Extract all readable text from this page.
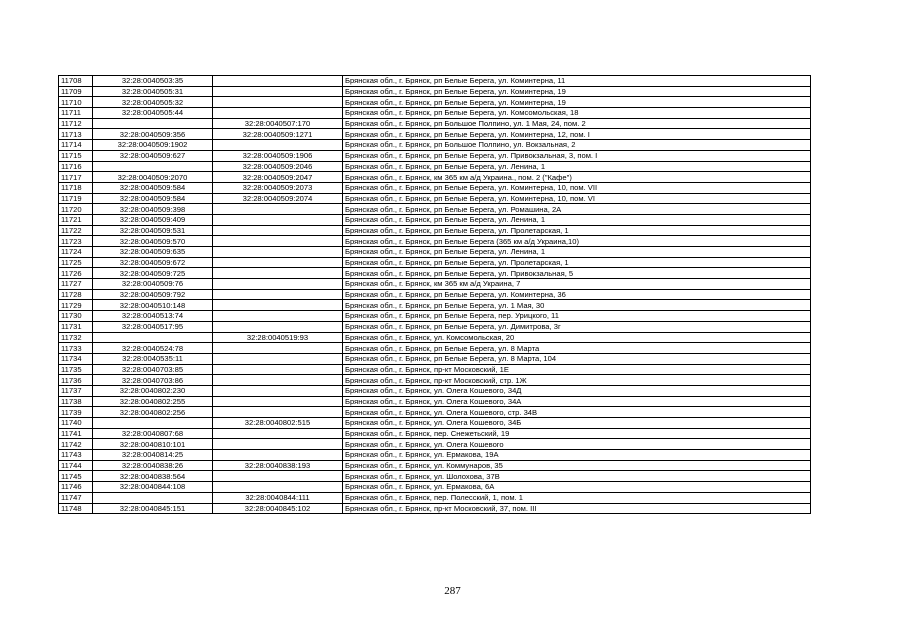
11708	32:28:0040503:35		Брянская обл., г. Брянск, рп Белые Берега, ул. Коминтерна, 11
11709	32:28:0040505:31		Брянская обл., г. Брянск, рп Белые Берега, ул. Коминтерна, 19
11710	32:28:0040505:32		Брянская обл., г. Брянск, рп Белые Берега, ул. Коминтерна, 19
11711	32:28:0040505:44		Брянская обл., г. Брянск, рп Белые Берега, ул. Комсомольская, 18
11712		32:28:0040507:170	Брянская обл., г. Брянск, рп Большое Полпино, ул. 1 Мая, 24, пом. 2
11713	32:28:0040509:356	32:28:0040509:1271	Брянская обл., г. Брянск, рп Белые Берега, ул. Коминтерна, 12, пом. I
11714	32:28:0040509:1902		Брянская обл., г. Брянск, рп Большое Полпино, ул. Вокзальная, 2
11715	32:28:0040509:627	32:28:0040509:1906	Брянская обл., г. Брянск, рп Белые Берега, ул. Привокзальная, 3, пом. I
11716		32:28:0040509:2046	Брянская обл., г. Брянск, рп Белые Берега, ул. Ленина, 1
11717	32:28:0040509:2070	32:28:0040509:2047	Брянская обл., г. Брянск, км 365 км а/д Украина., пом. 2 ("Кафе")
11718	32:28:0040509:584	32:28:0040509:2073	Брянская обл., г. Брянск, рп Белые Берега, ул. Коминтерна, 10, пом. VII
11719	32:28:0040509:584	32:28:0040509:2074	Брянская обл., г. Брянск, рп Белые Берега, ул. Коминтерна, 10, пом. VI
11720	32:28:0040509:398		Брянская обл., г. Брянск, рп Белые Берега, ул. Ромашина, 2А
11721	32:28:0040509:409		Брянская обл., г. Брянск, рп Белые Берега, ул. Ленина, 1
11722	32:28:0040509:531		Брянская обл., г. Брянск, рп Белые Берега, ул. Пролетарская, 1
11723	32:28:0040509:570		Брянская обл., г. Брянск, рп Белые Берега (365 км а/д Украина,10)
11724	32:28:0040509:635		Брянская обл., г. Брянск, рп Белые Берега, ул. Ленина, 1
11725	32:28:0040509:672		Брянская обл., г. Брянск, рп Белые Берега, ул. Пролетарская, 1
11726	32:28:0040509:725		Брянская обл., г. Брянск, рп Белые Берега, ул. Привокзальная, 5
11727	32:28:0040509:76		Брянская обл., г. Брянск, км 365 км а/д Украина, 7
11728	32:28:0040509:792		Брянская обл., г. Брянск, рп Белые Берега, ул. Коминтерна, 36
11729	32:28:0040510:148		Брянская обл., г. Брянск, рп Белые Берега, ул. 1 Мая, 30
11730	32:28:0040513:74		Брянская обл., г. Брянск, рп Белые Берега, пер. Урицкого, 11
11731	32:28:0040517:95		Брянская обл., г. Брянск, рп Белые Берега, ул. Димитрова, 3г
11732		32:28:0040519:93	Брянская обл., г. Брянск, ул. Комсомольская, 20
11733	32:28:0040524:78		Брянская обл., г. Брянск, рп Белые Берега, ул. 8 Марта
11734	32:28:0040535:11		Брянская обл., г. Брянск, рп Белые Берега, ул. 8 Марта, 104
11735	32:28:0040703:85		Брянская обл., г. Брянск, пр-кт Московский, 1Е
11736	32:28:0040703:86		Брянская обл., г. Брянск, пр-кт Московский, стр. 1Ж
11737	32:28:0040802:230		Брянская обл., г. Брянск, ул. Олега Кошевого, 34Д
11738	32:28:0040802:255		Брянская обл., г. Брянск, ул. Олега Кошевого, 34А
11739	32:28:0040802:256		Брянская обл., г. Брянск, ул. Олега Кошевого, стр. 34В
11740		32:28:0040802:515	Брянская обл., г. Брянск, ул. Олега Кошевого, 34Б
11741	32:28:0040807:68		Брянская обл., г. Брянск, пер. Снежетьский, 19
11742	32:28:0040810:101		Брянская обл., г. Брянск, ул. Олега Кошевого
11743	32:28:0040814:25		Брянская обл., г. Брянск, ул. Ермакова, 19А
11744	32:28:0040838:26	32:28:0040838:193	Брянская обл., г. Брянск, ул. Коммунаров, 35
11745	32:28:0040838:564		Брянская обл., г. Брянск, ул. Шолохова, 37В
11746	32:28:0040844:108		Брянская обл., г. Брянск, ул. Ермакова, 6А
11747		32:28:0040844:111	Брянская обл., г. Брянск, пер. Полесский, 1, пом. 1
11748	32:28:0040845:151	32:28:0040845:102	Брянская обл., г. Брянск, пр-кт Московский, 37, пом. III
287
